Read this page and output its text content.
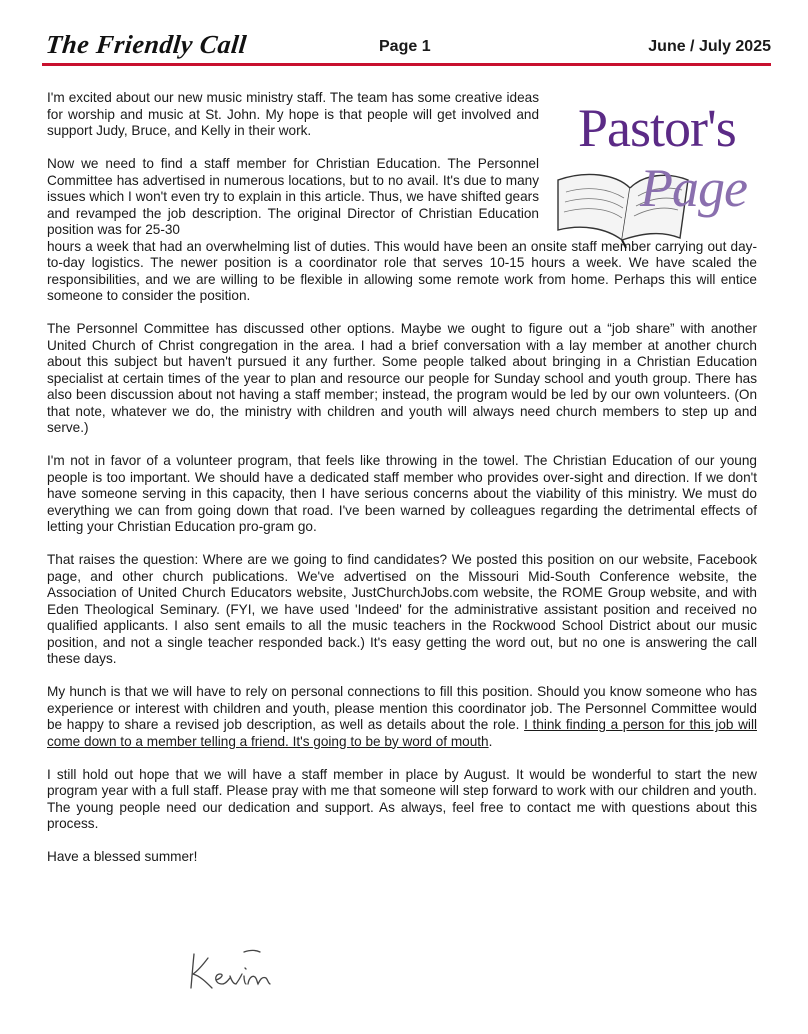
The Friendly Call	Page 1	June / July 2025
Pastor's
Page

I'm excited about our new music ministry staff. The team has some creative ideas for worship and music at St. John. My hope is that people will get involved and support Judy, Bruce, and Kelly in their work.

Now we need to find a staff member for Christian Education. The Personnel Committee has advertised in numerous locations, but to no avail. It's due to many issues which I won't even try to explain in this article. Thus, we have shifted gears and revamped the job description. The original Director of Christian Education position was for 25-30
hours a week that had an overwhelming list of duties. This would have been an onsite staff member carrying out day-to-day logistics. The newer position is a coordinator role that serves 10-15 hours a week. We have scaled the responsibilities, and we are willing to be flexible in allowing some remote work from home. Perhaps this will entice someone to consider the position.

The Personnel Committee has discussed other options. Maybe we ought to figure out a “job share” with another United Church of Christ congregation in the area. I had a brief conversation with a lay member at another church about this subject but haven't pursued it any further. Some people talked about bringing in a Christian Education specialist at certain times of the year to plan and resource our people for Sunday school and youth group. There has also been discussion about not having a staff member; instead, the program would be led by our own volunteers. (On that note, whatever we do, the ministry with children and youth will always need church members to step up and serve.)

I'm not in favor of a volunteer program, that feels like throwing in the towel. The Christian Education of our young people is too important. We should have a dedicated staff member who provides over-sight and direction. If we don't have someone serving in this capacity, then I have serious concerns about the viability of this ministry. We must do everything we can from going down that road. I've been warned by colleagues regarding the detrimental effects of letting your Christian Education pro-gram go.

That raises the question: Where are we going to find candidates? We posted this position on our website, Facebook page, and other church publications. We've advertised on the Missouri Mid-South Conference website, the Association of United Church Educators website, JustChurchJobs.com website, the ROME Group website, and with Eden Theological Seminary. (FYI, we have used 'Indeed' for the administrative assistant position and received no qualified applicants. I also sent emails to all the music teachers in the Rockwood School District about our music position, and not a single teacher responded back.) It's easy getting the word out, but no one is answering the call these days.

My hunch is that we will have to rely on personal connections to fill this position. Should you know someone who has experience or interest with children and youth, please mention this coordinator job. The Personnel Committee would be happy to share a revised job description, as well as details about the role. I think finding a person for this job will come down to a member telling a friend. It's going to be by word of mouth.

I still hold out hope that we will have a staff member in place by August. It would be wonderful to start the new program year with a full staff. Please pray with me that someone will step forward to work with our children and youth. The young people need our dedication and support. As always, feel free to contact me with questions about this process.

Have a blessed summer!
